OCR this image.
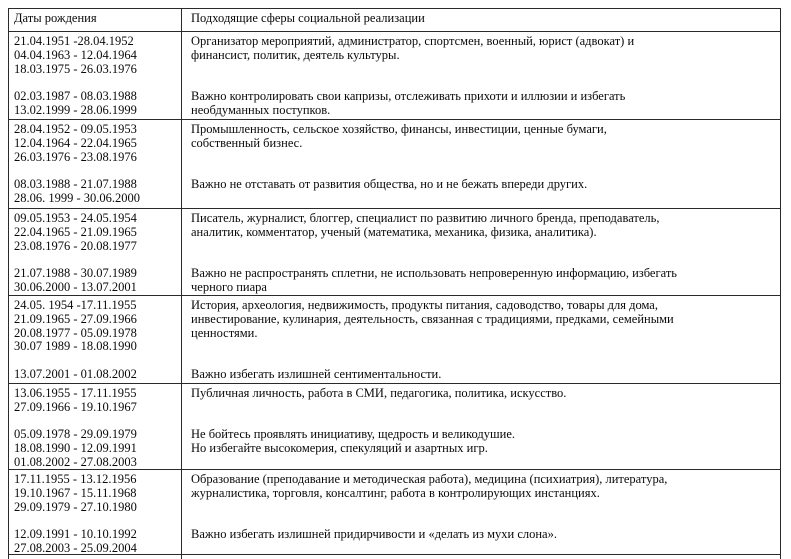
Даты рождения	Подходящие сферы социальной реализации
21.04.1951 -28.04.1952
04.04.1963 - 12.04.1964
18.03.1975 - 26.03.1976
02.03.1987 - 08.03.1988
13.02.1999 - 28.06.1999
Организатор мероприятий, администратор, спортсмен, военный, юрист (адвокат) и
финансист, политик, деятель культуры.
Важно контролировать свои капризы, отслеживать прихоти и иллюзии и избегать
необдуманных поступков.
28.04.1952 - 09.05.1953
12.04.1964 - 22.04.1965
26.03.1976 - 23.08.1976
08.03.1988 - 21.07.1988
28.06. 1999 - 30.06.2000
Промышленность, сельское хозяйство, финансы, инвестиции, ценные бумаги,
собственный бизнес.
Важно не отставать от развития общества, но и не бежать впереди других.
09.05.1953 - 24.05.1954
22.04.1965 - 21.09.1965
23.08.1976 - 20.08.1977
21.07.1988 - 30.07.1989
30.06.2000 - 13.07.2001
Писатель, журналист, блоггер, специалист по развитию личного бренда, преподаватель,
аналитик, комментатор, ученый (математика, механика, физика, аналитика).
Важно не распространять сплетни, не использовать непроверенную информацию, избегать
черного пиара
24.05. 1954 -17.11.1955
21.09.1965 - 27.09.1966
20.08.1977 - 05.09.1978
30.07 1989 - 18.08.1990
13.07.2001 - 01.08.2002
История, археология, недвижимость, продукты питания, садоводство, товары для дома,
инвестирование, кулинария, деятельность, связанная с традициями, предками, семейными
ценностями.
Важно избегать излишней сентиментальности.
13.06.1955 - 17.11.1955
27.09.1966 - 19.10.1967
05.09.1978 - 29.09.1979
18.08.1990 - 12.09.1991
01.08.2002 - 27.08.2003
Публичная личность, работа в СМИ, педагогика, политика, искусство.
Не бойтесь проявлять инициативу, щедрость и великодушие.
Но избегайте высокомерия, спекуляций и азартных игр.
17.11.1955 - 13.12.1956
19.10.1967 - 15.11.1968
29.09.1979 - 27.10.1980
12.09.1991 - 10.10.1992
27.08.2003 - 25.09.2004
Образование (преподавание и методическая работа), медицина (психиатрия), литература,
журналистика, торговля, консалтинг, работа в контролирующих инстанциях.
Важно избегать излишней придирчивости и «делать из мухи слона».
